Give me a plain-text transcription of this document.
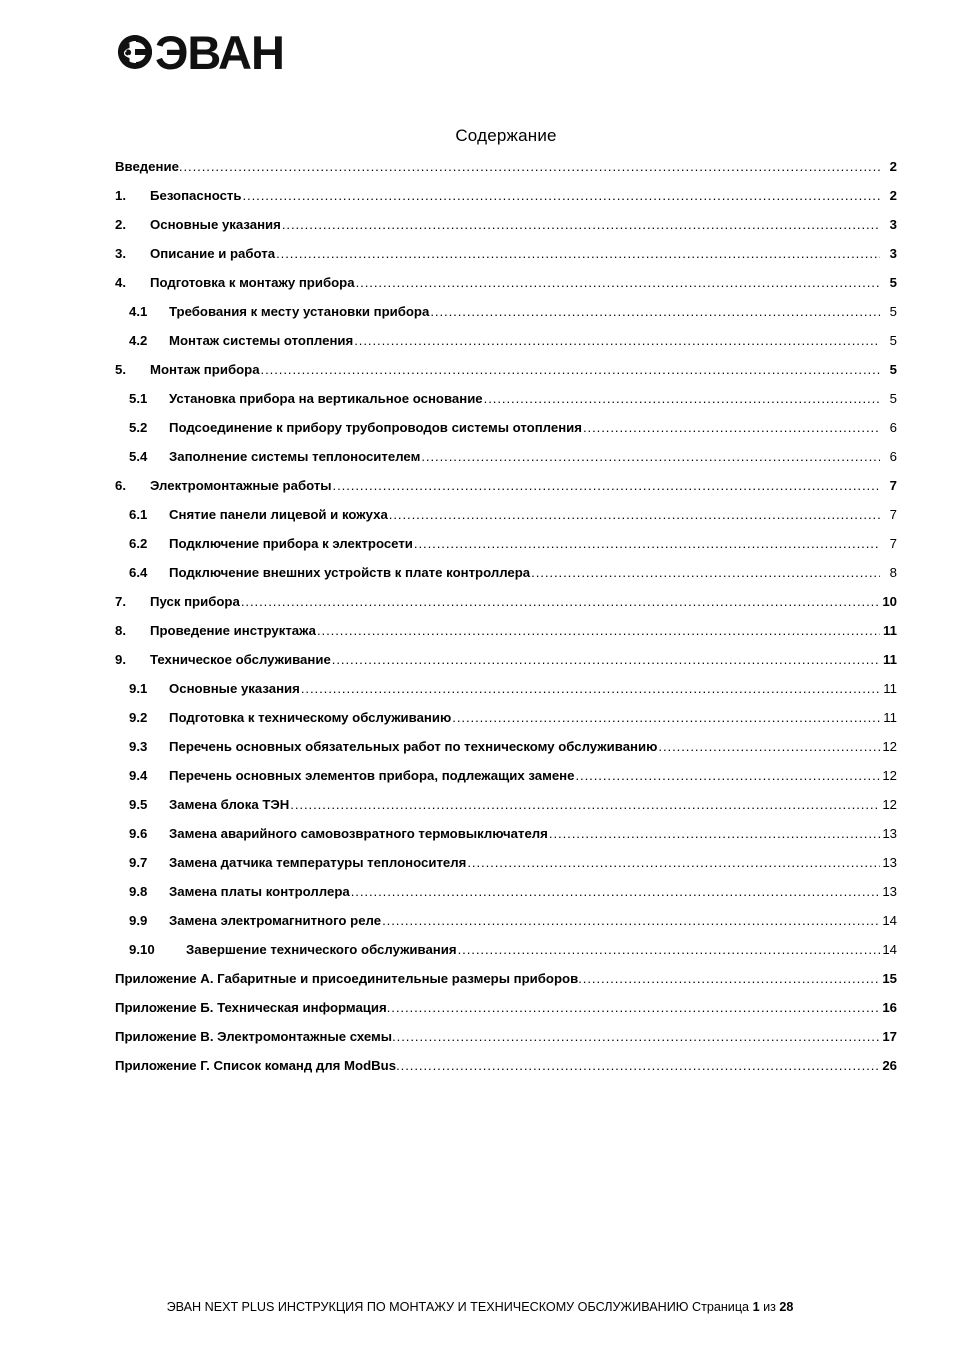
ЭВАН
Содержание
Введение .....	2
1.	Безопасность .....	2
2.	Основные указания .....	3
3.	Описание и работа .....	3
4.	Подготовка к монтажу прибора .....	5
4.1	Требования к месту установки прибора .....	5
4.2	Монтаж системы отопления .....	5
5.	Монтаж прибора .....	5
5.1	Установка прибора на вертикальное основание .....	5
5.2	Подсоединение к прибору трубопроводов системы отопления .....	6
5.4	Заполнение системы теплоносителем .....	6
6.	Электромонтажные работы .....	7
6.1	Снятие панели лицевой и кожуха .....	7
6.2	Подключение прибора к электросети .....	7
6.4	Подключение внешних устройств к плате контроллера .....	8
7.	Пуск прибора .....	10
8.	Проведение инструктажа .....	11
9.	Техническое обслуживание .....	11
9.1	Основные указания .....	11
9.2	Подготовка к техническому обслуживанию .....	11
9.3	Перечень основных обязательных работ по техническому обслуживанию .....	12
9.4	Перечень основных элементов прибора, подлежащих замене .....	12
9.5	Замена блока ТЭН .....	12
9.6	Замена аварийного самовозвратного термовыключателя .....	13
9.7	Замена датчика температуры теплоносителя .....	13
9.8	Замена платы контроллера .....	13
9.9	Замена электромагнитного реле .....	14
9.10	Завершение технического обслуживания .....	14
Приложение А. Габаритные и присоединительные размеры приборов .....	15
Приложение Б. Техническая информация .....	16
Приложение В. Электромонтажные схемы .....	17
Приложение Г. Список команд для ModBus .....	26
ЭВАН NEXT PLUS ИНСТРУКЦИЯ ПО МОНТАЖУ И ТЕХНИЧЕСКОМУ ОБСЛУЖИВАНИЮ Страница 1 из 28
